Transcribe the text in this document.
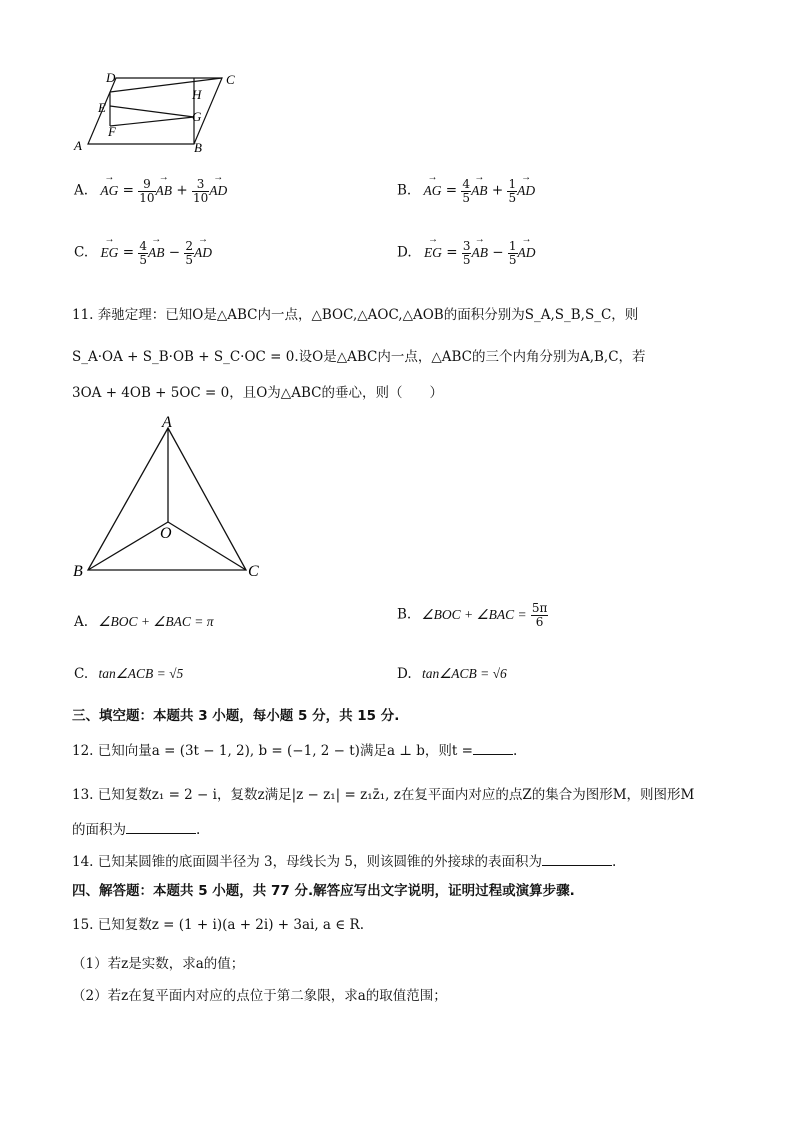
D	C
E
H
G
F
A	B
A. → AG = $\frac{9}{10}$ → AB + $\frac{3}{10}$ → AD	B. → AG = $\frac{4}{5}$ → AB + $\frac{1}{5}$ → AD
C. → EG = $\frac{4}{5}$ → AB − $\frac{2}{5}$ → AD	D. → EG = $\frac{3}{5}$ → AB − $\frac{1}{5}$ → AD
11. 奔驰定理：已知O是△ABC内一点，△BOC,△AOC,△AOB的面积分别为S_A,S_B,S_C，则
S_A·OA + S_B·OB + S_C·OC = 0.设O是△ABC内一点，△ABC的三个内角分别为A,B,C，若
3OA + 4OB + 5OC = 0，且O为△ABC的垂心，则（　　）
A
B	C
O
A. ∠BOC + ∠BAC = π	B. ∠BOC + ∠BAC = $\frac{5\pi}{6}$
C. tan∠ACB = √5	D. tan∠ACB = √6
三、填空题：本题共 3 小题，每小题 5 分，共 15 分.
12. 已知向量a = (3t − 1, 2), b = (−1, 2 − t)满足a ⊥ b，则t =	.
13. 已知复数z₁ = 2 − i，复数z满足|z − z₁| = z₁z̄₁, z在复平面内对应的点Z的集合为图形M，则图形M
的面积为	.
14. 已知某圆锥的底面圆半径为 3，母线长为 5，则该圆锥的外接球的表面积为	.
四、解答题：本题共 5 小题，共 77 分.解答应写出文字说明，证明过程或演算步骤.
15. 已知复数z = (1 + i)(a + 2i) + 3ai, a ∈ R.
（1）若z是实数，求a的值；
（2）若z在复平面内对应的点位于第二象限，求a的取值范围；
